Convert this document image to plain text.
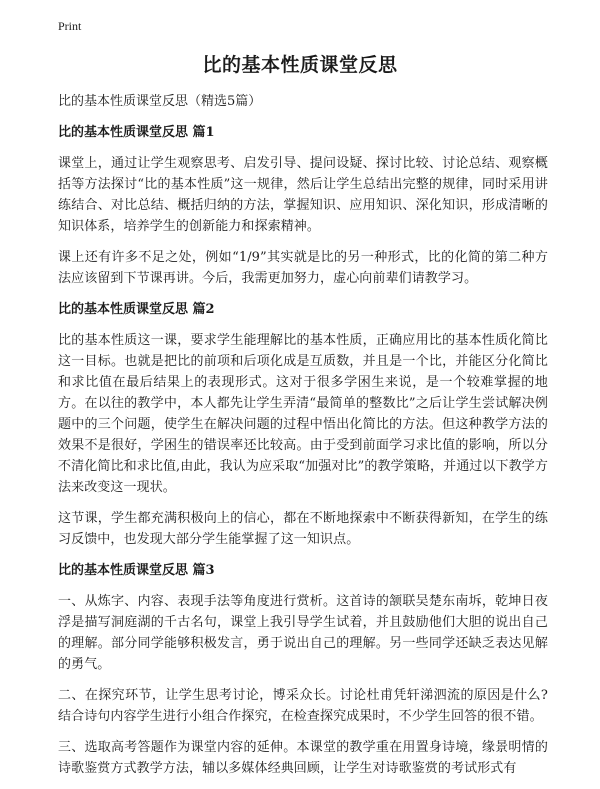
Print
比的基本性质课堂反思

比的基本性质课堂反思（精选5篇）

比的基本性质课堂反思 篇1

课堂上，通过让学生观察思考、启发引导、提问设疑、探讨比较、讨论总结、观察概括等方法探讨“比的基本性质”这一规律，然后让学生总结出完整的规律，同时采用讲练结合、对比总结、概括归纳的方法，掌握知识、应用知识、深化知识，形成清晰的知识体系，培养学生的创新能力和探索精神。

课上还有许多不足之处，例如“1/9”其实就是比的另一种形式，比的化简的第二种方法应该留到下节课再讲。今后，我需更加努力，虚心向前辈们请教学习。

比的基本性质课堂反思 篇2

比的基本性质这一课，要求学生能理解比的基本性质，正确应用比的基本性质化简比这一目标。也就是把比的前项和后项化成是互质数，并且是一个比，并能区分化简比和求比值在最后结果上的表现形式。这对于很多学困生来说，是一个较难掌握的地方。在以往的教学中，本人都先让学生弄清“最简单的整数比”之后让学生尝试解决例题中的三个问题，使学生在解决问题的过程中悟出化简比的方法。但这种教学方法的效果不是很好，学困生的错误率还比较高。由于受到前面学习求比值的影响，所以分不清化简比和求比值,由此，我认为应采取“加强对比”的教学策略，并通过以下教学方法来改变这一现状。

这节课，学生都充满积极向上的信心，都在不断地探索中不断获得新知，在学生的练习反馈中，也发现大部分学生能掌握了这一知识点。

比的基本性质课堂反思 篇3

一、从炼字、内容、表现手法等角度进行赏析。这首诗的颔联吴楚东南坼，乾坤日夜浮是描写洞庭湖的千古名句，课堂上我引导学生试着，并且鼓励他们大胆的说出自己的理解。部分同学能够积极发言，勇于说出自己的理解。另一些同学还缺乏表达见解的勇气。

二、在探究环节，让学生思考讨论，博采众长。讨论杜甫凭轩涕泗流的原因是什么?结合诗句内容学生进行小组合作探究，在检查探究成果时，不少学生回答的很不错。

三、选取高考答题作为课堂内容的延伸。本课堂的教学重在用置身诗境，缘景明情的诗歌鉴赏方式教学方法，辅以多媒体经典回顾，让学生对诗歌鉴赏的考试形式有
